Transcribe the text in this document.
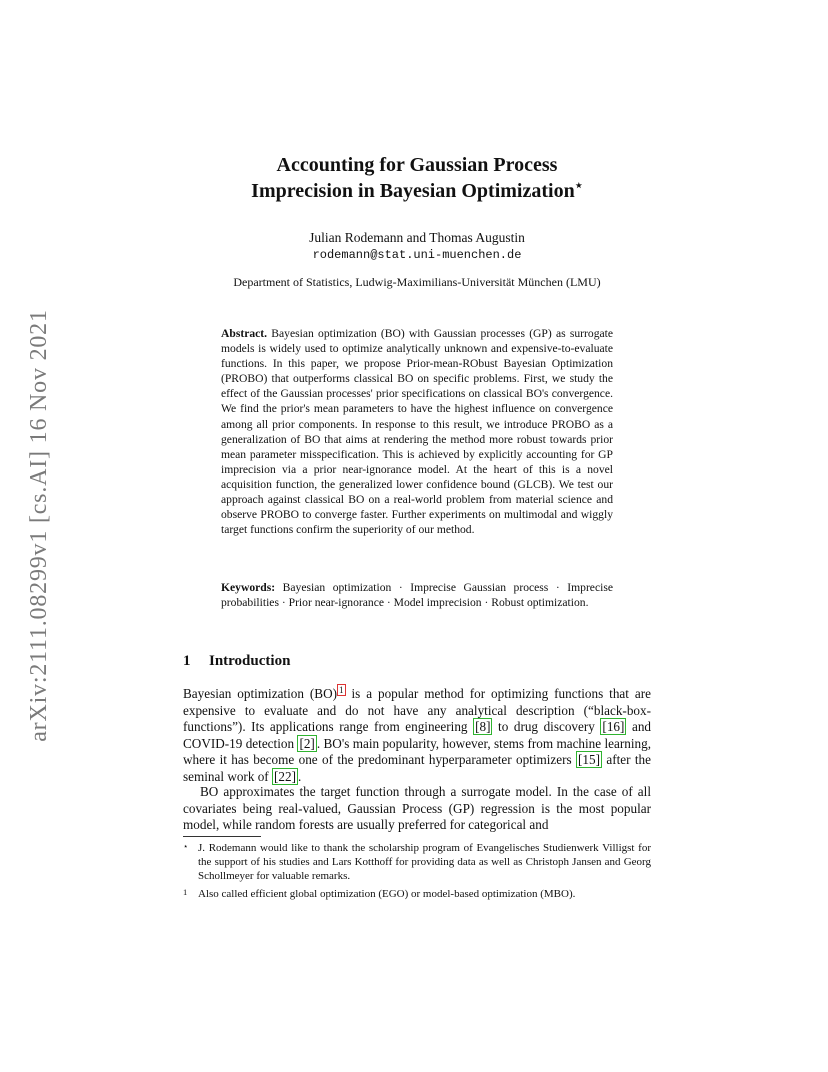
arXiv:2111.08299v1 [cs.AI] 16 Nov 2021
Accounting for Gaussian Process
Imprecision in Bayesian Optimization⋆
Julian Rodemann and Thomas Augustin
rodemann@stat.uni-muenchen.de
Department of Statistics, Ludwig-Maximilians-Universität München (LMU)

Abstract. Bayesian optimization (BO) with Gaussian processes (GP) as surrogate models is widely used to optimize analytically unknown and expensive-to-evaluate functions. In this paper, we propose Prior-mean-RObust Bayesian Optimization (PROBO) that outperforms classical BO on specific problems. First, we study the effect of the Gaussian processes' prior specifications on classical BO's convergence. We find the prior's mean parameters to have the highest influence on convergence among all prior components. In response to this result, we introduce PROBO as a generalization of BO that aims at rendering the method more robust towards prior mean parameter misspecification. This is achieved by explicitly accounting for GP imprecision via a prior near-ignorance model. At the heart of this is a novel acquisition function, the generalized lower confidence bound (GLCB). We test our approach against classical BO on a real-world problem from material science and observe PROBO to converge faster. Further experiments on multimodal and wiggly target functions confirm the superiority of our method.

Keywords: Bayesian optimization · Imprecise Gaussian process · Imprecise probabilities · Prior near-ignorance · Model imprecision · Robust optimization.

1 Introduction

Bayesian optimization (BO) $^1$ is a popular method for optimizing functions that are expensive to evaluate and do not have any analytical description (“black-box-functions”). Its applications range from engineering [8] to drug discovery [16] and COVID-19 detection [2] . BO's main popularity, however, stems from machine learning, where it has become one of the predominant hyperparameter optimizers [15] after the seminal work of [22] .

BO approximates the target function through a surrogate model. In the case of all covariates being real-valued, Gaussian Process (GP) regression is the most popular model, while random forests are usually preferred for categorical and

⋆ J. Rodemann would like to thank the scholarship program of Evangelisches Studienwerk Villigst for the support of his studies and Lars Kotthoff for providing data as well as Christoph Jansen and Georg Schollmeyer for valuable remarks.
1 Also called efficient global optimization (EGO) or model-based optimization (MBO).
